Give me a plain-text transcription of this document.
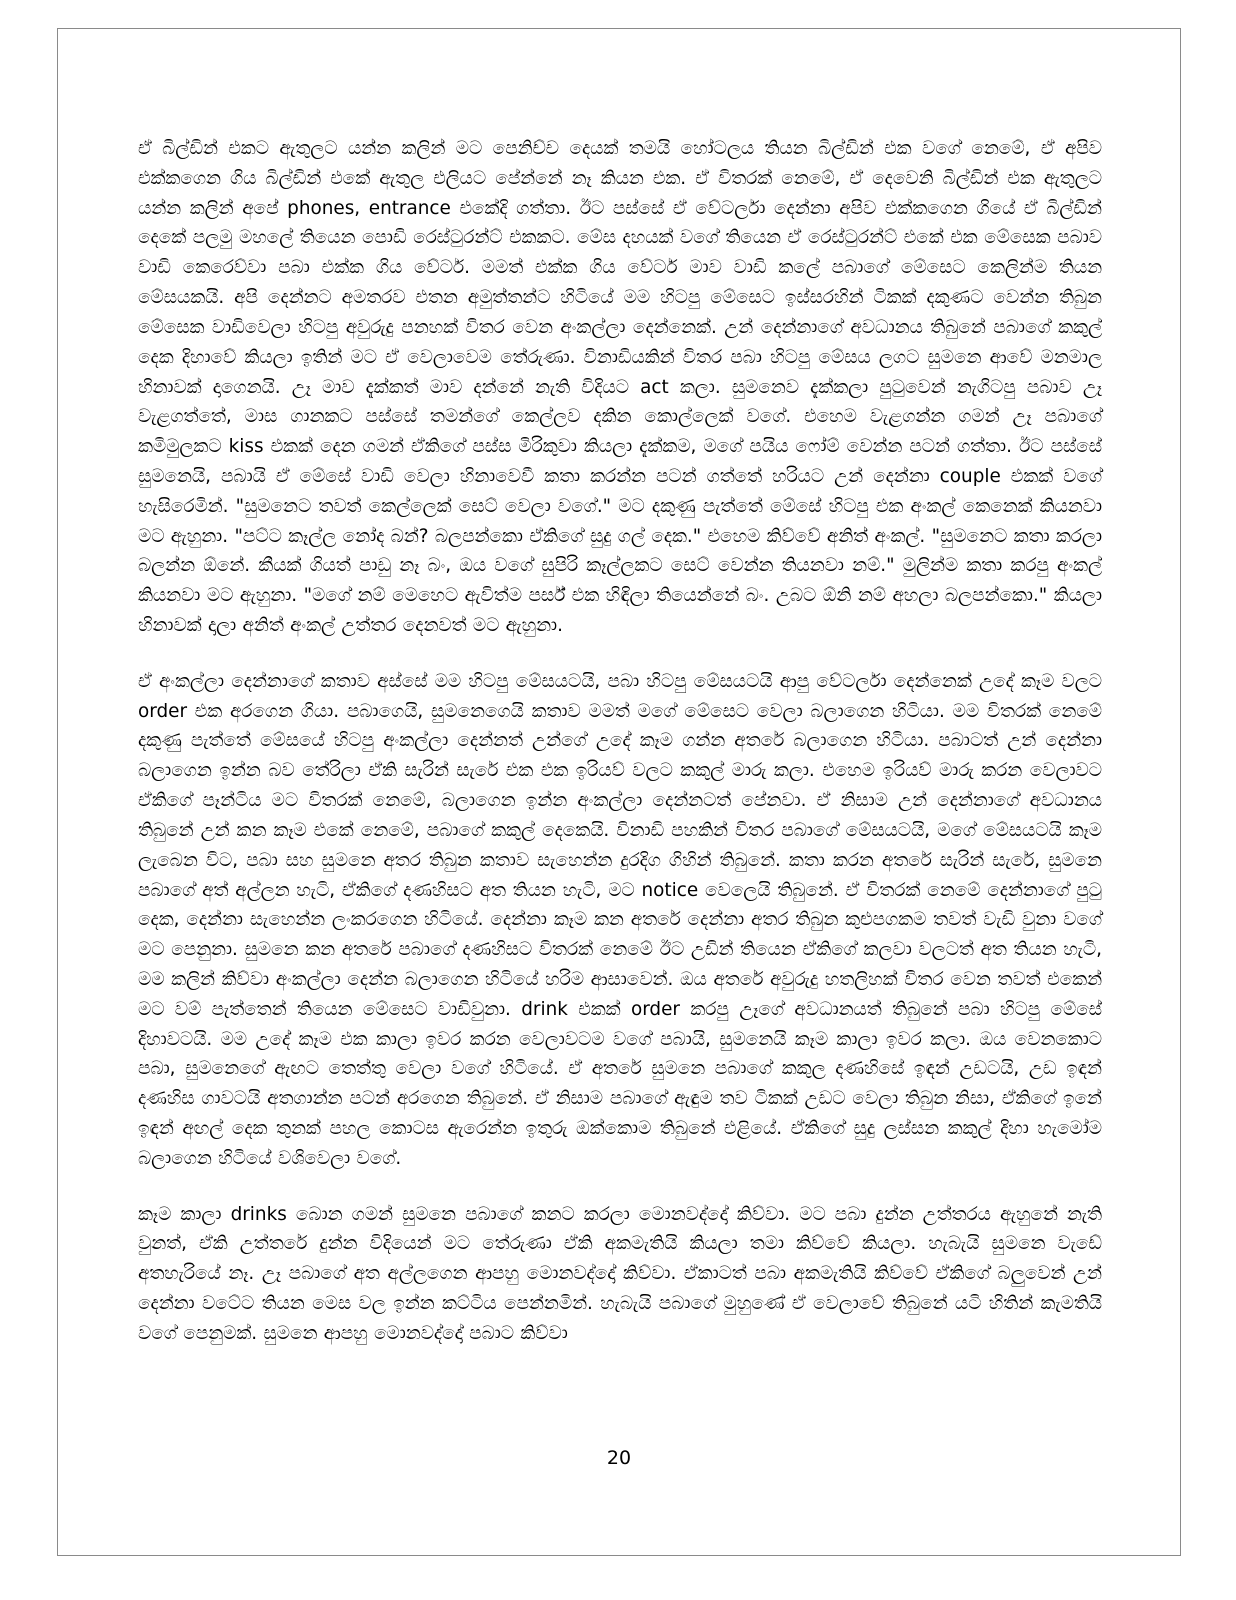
ඒ බිල්ඩින් එකට ඇතුලට යන්න කලින් මට පෙනිච්ච දෙයක් තමයි හෝටලය තියන බිල්ඩින් එක වගේ නෙමේ, ඒ අපිව එක්කගෙන ගිය බිල්ඩින් එකේ ඇතුල එලියට පේන්නේ නෑ කියන එක. ඒ විතරක් නෙමේ, ඒ දෙවෙනි බිල්ඩින් එක ඇතුලට යන්න කලින් අපේ phones, entrance එකේදි ගත්තා. ඊට පස්සේ ඒ වේටර්ලා දෙන්නා අපිව එක්කගෙන ගියේ ඒ බිල්ඩින් දෙකේ පලමු මහලේ තියෙන පොඩි රෙස්ටුරන්ට් එකකට. මේස දහයක් වගේ තියෙන ඒ රෙස්ටුරන්ට් එකේ එක මේසෙක පබාව වාඩි කෙරෙව්වා පබා එක්ක ගිය වේටර්. මමත් එක්ක ගිය වේටර් මාව වාඩි කලේ පබාගේ මේසෙට කෙලින්ම තියන මේසයකයි. අපි දෙන්නට අමතරව එතන අමුත්තන්ට හිටියේ මම හිටපු මේසෙට ඉස්සරහින් ටිකක් දකුණට වෙන්න තිබුන මේසෙක වාඩිවෙලා හිටපු අවුරුදු පනහක් විතර වෙන අංකල්ලා දෙන්නෙක්. උන් දෙන්නාගේ අවධානය තිබුනේ පබාගේ කකුල් දෙක දිහාවේ කියලා ඉතින් මට ඒ වෙලාවෙම තේරුණා. විනාඩියකින් විතර පබා හිටපු මේසය ලගට සුමනෙ ආවේ මනමාල හිනාවක් දාගෙනයි. උෑ මාව දැක්කත් මාව දන්නේ නැති විදියට act කලා. සුමනෙව දැක්කලා පුටුවෙන් නැගිටපු පබාව උෑ වැළගත්තේ, මාස ගානකට පස්සේ තමන්ගේ කෙල්ලව දකින කොල්ලෙක් වගේ. එහෙම වැළගන්න ගමන් උෑ පබාගේ කමිමුලකට kiss එකක් දෙන ගමන් ඒකිගේ පස්ස මිරිකුවා කියලා දැක්කම, මගේ පයිය ෆෝම් වෙන්න පටන් ගත්තා. ඊට පස්සේ සුමනෙයි, පබායි ඒ මේසේ වාඩි වෙලා හිනාවෙවී කතා කරන්න පටන් ගත්තේ හරියට උන් දෙන්නා couple එකක් වගේ හැසිරෙමින්. "සුමනෙට තවත් කෙල්ලෙක් සෙට් වෙලා වගේ." මට දකුණු පැත්තේ මේසේ හිටපු එක අංකල් කෙනෙක් කියනවා මට ඇහුනා. "පට්ට කෑල්ල නෝද බන්? බලපන්කො ඒකිගේ සුදු ගල් දෙක." එහෙම කිව්වේ අනිත් අංකල්. "සුමනෙට කතා කරලා බලන්න ඕනේ. කීයක් ගියත් පාඩු නෑ බං, ඔය වගේ සුපිරි කෑල්ලකට සෙට් වෙන්න තියනවා නම්." මුලින්ම කතා කරපු අංකල් කියනවා මට ඇහුනා. "මගේ නම් මෙහෙට ඇවිත්ම පර්ස් එක හිඳිලා තියෙන්නේ බං. උබට ඕනි නම් අහලා බලපන්කො." කියලා හිනාවක් දාලා අනිත් අංකල් උත්තර දෙනවත් මට ඇහුනා.

ඒ අංකල්ලා දෙන්නාගේ කතාව අස්සේ මම හිටපු මේසයටයි, පබා හිටපු මේසයටයි ආපු වේටර්ලා දෙන්නෙක් උදේ කෑම වලට order එක අරගෙන ගියා. පබාගෙයි, සුමනෙගෙයි කතාව මමත් මගේ මේසෙට වෙලා බලාගෙන හිටියා. මම විතරක් නෙමේ දකුණු පැත්තේ මේසයේ හිටපු අංකල්ලා දෙන්නත් උන්ගේ උදේ කෑම ගන්න අතරේ බලාගෙන හිටියා. පබාටත් උන් දෙන්නා බලාගෙන ඉන්න බව තේරිලා ඒකි සැරින් සැරේ එක එක ඉරියව් වලට කකුල් මාරු කලා. එහෙම ඉරියව් මාරු කරන වෙලාවට ඒකිගේ පෑන්ටිය මට විතරක් නෙමේ, බලාගෙන ඉන්න අංකල්ලා දෙන්නටත් පේනවා. ඒ නිසාම උන් දෙන්නාගේ අවධානය තිබුනේ උන් කන කෑම එකේ නෙමේ, පබාගේ කකුල් දෙකෙයි. විනාඩි පහකින් විතර පබාගේ මේසයටයි, මගේ මේසයටයි කෑම ලැබෙන විට, පබා සහ සුමනෙ අතර තිබුන කතාව සැහෙන්න දුරදිග ගිහින් තිබුනේ. කතා කරන අතරේ සැරින් සැරේ, සුමනෙ පබාගේ අත් අල්ලන හැටි, ඒකිගේ දණහිසට අත තියන හැටි, මට notice වෙලෙයි තිබුනේ. ඒ විතරක් නෙමේ දෙන්නාගේ පුටු දෙක, දෙන්නා සැහෙන්න ලංකරගෙන හිටියේ. දෙන්නා කෑම කන අතරේ දෙන්නා අතර තිබුන කුළුපගකම තවත් වැඩි වුනා වගේ මට පෙනුනා. සුමනෙ කන අතරේ පබාගේ දණහිසට විතරක් නෙමේ ඊට උඩින් තියෙන ඒකිගේ කලවා වලටත් අත තියන හැටි, මම කලින් කිව්වා අංකල්ලා දෙන්න බලාගෙන හිටියේ හරිම ආසාවෙන්. ඔය අතරේ අවුරුදු හතලිහක් විතර වෙන තවත් එකෙන් මට වම් පැත්තෙන් තියෙන මේසෙට වාඩිවුනා. drink එකක් order කරපු උෑගේ අවධානයත් තිබුනේ පබා හිටපු මේසේ දිහාවටයි. මම උදේ කෑම එක කාලා ඉවර කරන වෙලාවටම වගේ පබායි, සුමනෙයි කෑම කාලා ඉවර කලා. ඔය වෙනකොට පබා, සුමනෙගේ ඇඟට තෙත්තු වෙලා වගේ හිටියේ. ඒ අතරේ සුමනෙ පබාගේ කකුල දණහිසේ ඉඳන් උඩටයි, උඩ ඉඳන් දණහිස ගාවටයි අතගාන්න පටන් අරගෙන තිබුනේ. ඒ නිසාම පබාගේ ඇඳුම තව ටිකක් උඩට වෙලා තිබුන නිසා, ඒකිගේ ඉනේ ඉඳන් අඟල් දෙක තුනක් පහල කොටස ඇරෙන්න ඉතුරු ඔක්කොම තිබුනේ එළියේ. ඒකිගේ සුදු ලස්සන කකුල් දිහා හැමෝම බලාගෙන හිටියේ වශිවෙලා වගේ.

කෑම කාලා drinks බොන ගමන් සුමනෙ පබාගේ කනට කරලා මොනවද්දෝ කිව්වා. මට පබා දුන්න උත්තරය ඇහුනේ නැති වුනත්, ඒකි උත්තරේ දුන්න විදියෙන් මට තේරුණා ඒකි අකමැතියි කියලා තමා කිව්වේ කියලා. හැබැයි සුමනෙ වැඩේ අතහැරියේ නෑ. උෑ පබාගේ අත අල්ලගෙන ආපහු මොනවද්දෝ කිව්වා. ඒකාටත් පබා අකමැතියි කිව්වේ ඒකිගේ බලුවෙන් උන් දෙන්නා වටේට තියන මෙස වල ඉන්න කට්ටිය පෙන්නමින්. හැබැයි පබාගේ මුහුණේ ඒ වෙලාවේ තිබුනේ යටි හිතින් කැමතියි වගේ පෙනුමක්. සුමනෙ ආපහු මොනවද්දෝ පබාට කිව්වා

20
